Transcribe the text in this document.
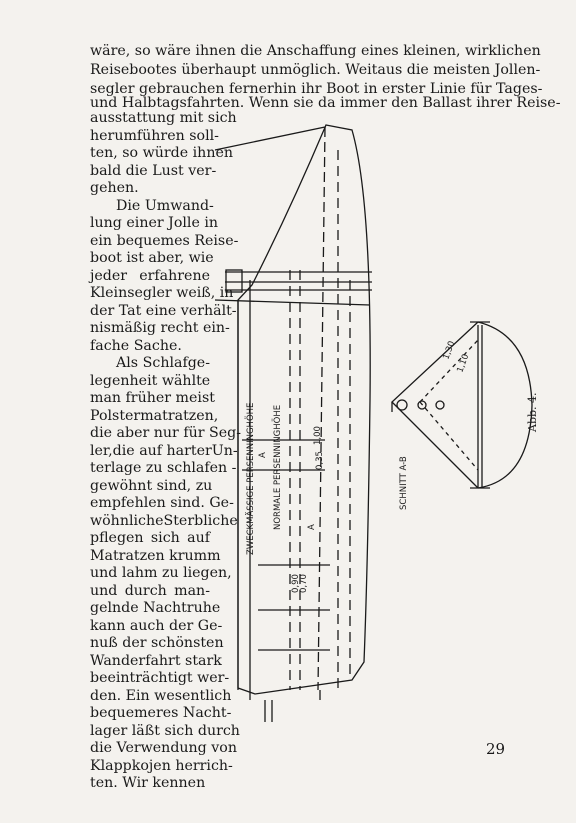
wäre, so wäre ihnen die Anschaffung eines kleinen, wirklichen
Reisebootes überhaupt unmöglich. Weitaus die meisten Jollen-
segler gebrauchen fernerhin ihr Boot in erster Linie für Tages-
und Halbtagsfahrten. Wenn sie da immer den Ballast ihrer Reise-
ausstattung mit sich
herumführen soll-
ten, so würde ihnen
bald die Lust ver-
gehen.
Die Umwand-
lung einer Jolle in
ein bequemes Reise-
boot ist aber, wie
jeder erfahrene
Kleinsegler weiß, in
der Tat eine verhält-
nismäßig recht ein-
fache Sache.
Als Schlafge-
legenheit wählte
man früher meist
Polstermatratzen,
die aber nur für Seg-
ler,die auf harterUn-
terlage zu schlafen -
gewöhnt sind, zu
empfehlen sind. Ge-
wöhnlicheSterbliche
pflegen sich auf
Matratzen krumm
und lahm zu liegen,
und durch man-
gelnde Nachtruhe
kann auch der Ge-
nuß der schönsten
Wanderfahrt stark
beeinträchtigt wer-
den. Ein wesentlich
bequemeres Nacht-
lager läßt sich durch
die Verwendung von
Klappkojen herrich-
ten. Wir kennen
ZWECKMÄSSIGE PERSENNINGHÖHE NORMALE PERSENNINGHÖHE
A
1,00
0,35
0,90
0,70
A
1,30
1,10
SCHNITT A-B
Abb. 4.
29
